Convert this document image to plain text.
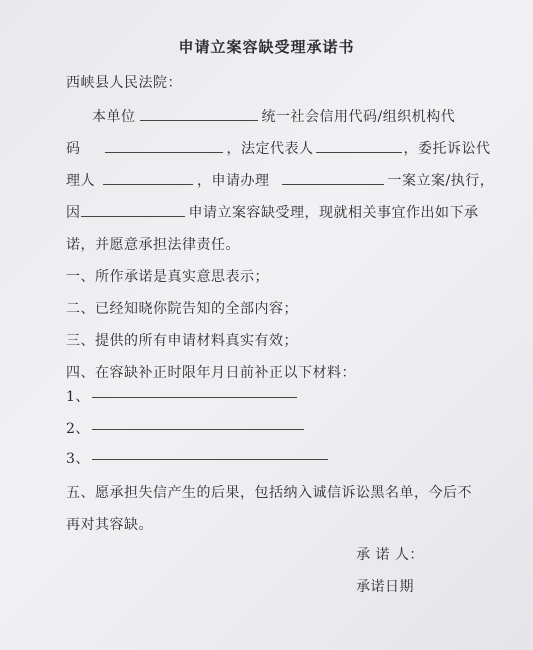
申请立案容缺受理承诺书
西峡县人民法院：
本单位	统一社会信用代码/组织机构代
码	，法定代表人	，委托诉讼代
理人	，申请办理	一案立案/执行，
因	申请立案容缺受理，现就相关事宜作出如下承
诺，并愿意承担法律责任。
一、所作承诺是真实意思表示；
二、已经知晓你院告知的全部内容；
三、提供的所有申请材料真实有效；
四、在容缺补正时限年月日前补正以下材料：
1、
2、
3、
五、愿承担失信产生的后果，包括纳入诚信诉讼黑名单，今后不
再对其容缺。
承 诺 人：
承诺日期
